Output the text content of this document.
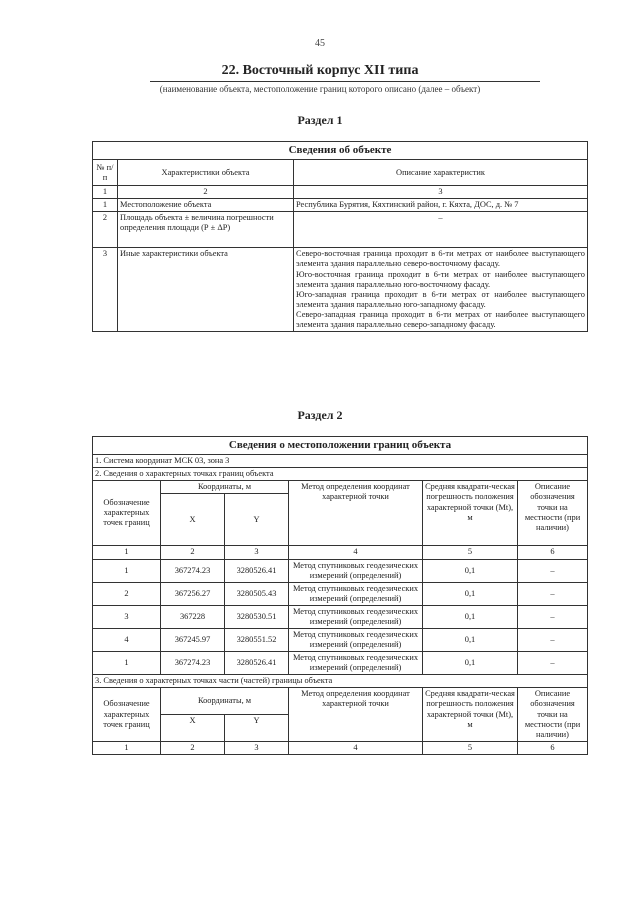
45
22. Восточный корпус XII типа
(наименование объекта, местоположение границ которого описано (далее – объект)
Раздел 1
Сведения об объекте		
№ п/п	Характеристики объекта	Описание характеристик
1	2	3
1	Местоположение объекта	Республика Бурятия, Кяхтинский район, г. Кяхта, ДОС, д. № 7
2	Площадь объекта ± величина погрешности определения площади (Р ± ΔР)	–
3	Иные характеристики объекта	Северо-восточная граница проходит в 6-ти метрах от наиболее выступающего элемента здания параллельно северо-восточному фасаду.

Юго-восточная граница проходит в 6-ти метрах от наиболее выступающего элемента здания параллельно юго-восточному фасаду.

Юго-западная граница проходит в 6-ти метрах от наиболее выступающего элемента здания параллельно юго-западному фасаду.

Северо-западная граница проходит в 6-ти метрах от наиболее выступающего элемента здания параллельно северо-западному фасаду.

Раздел 2
Сведения о местоположении границ объекта					
1. Система координат МСК 03, зона 3					
2. Сведения о характерных точках границ объекта					
Обозначение характерных точек границ	Координаты, м		Метод определения координат характерной точки	Средняя квадрати-ческая погрешность положения характерной точки (Mt), м	Описание обозначения точки на местности (при наличии)
	X	Y			
1	2	3	4	5	6
1	367274.23	3280526.41	Метод спутниковых геодезических измерений (определений)	0,1	–
2	367256.27	3280505.43	Метод спутниковых геодезических измерений (определений)	0,1	–
3	367228	3280530.51	Метод спутниковых геодезических измерений (определений)	0,1	–
4	367245.97	3280551.52	Метод спутниковых геодезических измерений (определений)	0,1	–
1	367274.23	3280526.41	Метод спутниковых геодезических измерений (определений)	0,1	–
3. Сведения о характерных точках части (частей) границы объекта					
Обозначение характерных точек границ	Координаты, м		Метод определения координат характерной точки	Средняя квадрати-ческая погрешность положения характерной точки (Mt), м	Описание обозначения точки на местности (при наличии)
	X	Y			
1	2	3	4	5	6
